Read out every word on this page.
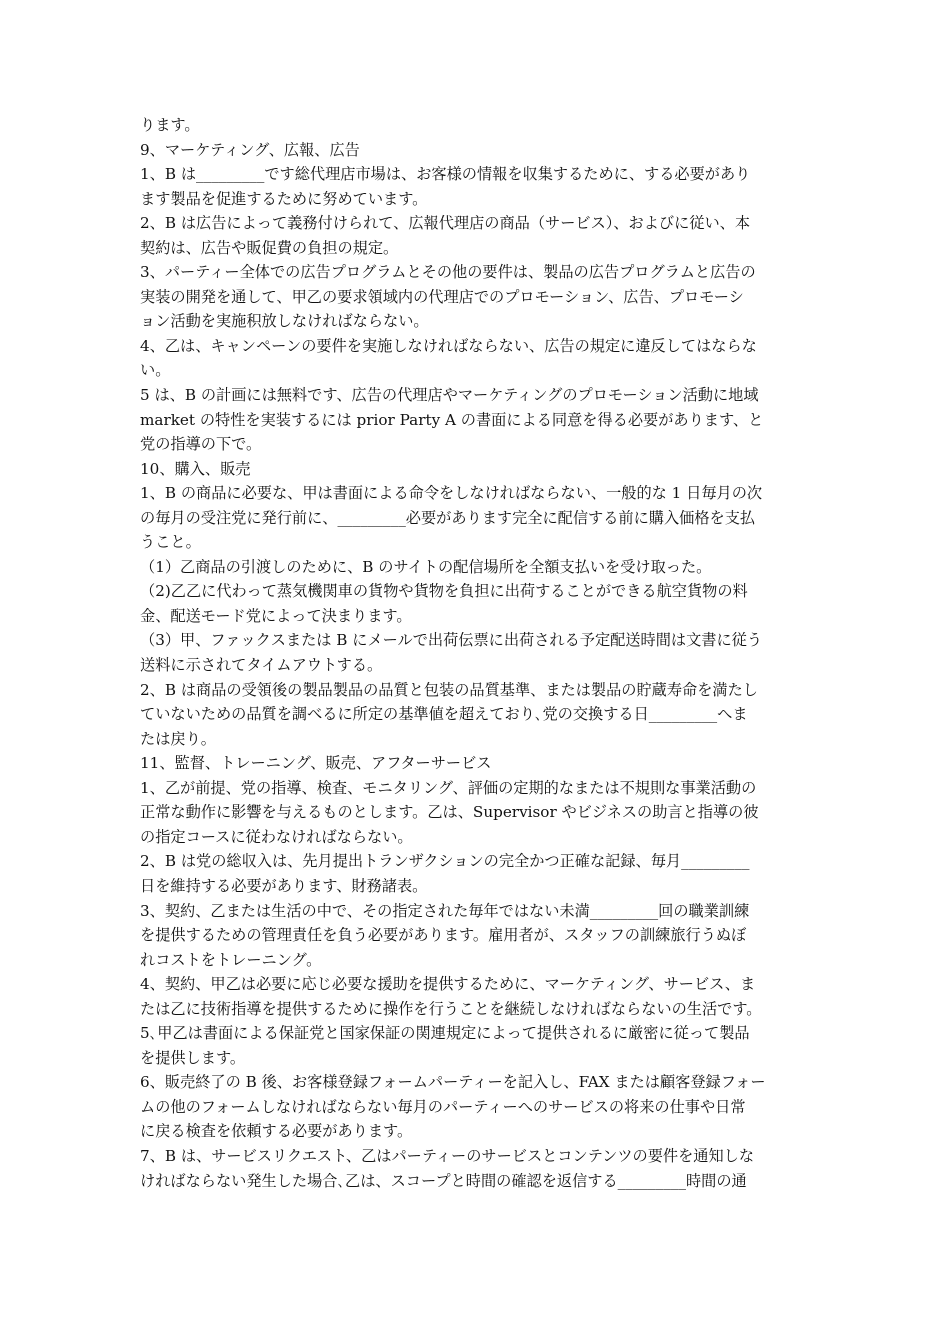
ります。
9、マーケティング、広報、広告
1、B は_________です総代理店市場は、お客様の情報を収集するために、する必要があり
ます製品を促進するために努めています。
2、B は広告によって義務付けられて、広報代理店の商品（サービス）、およびに従い、本
契約は、広告や販促費の負担の規定。
3、パーティー全体での広告プログラムとその他の要件は、製品の広告プログラムと広告の
実装の開発を通して、甲乙の要求領域内の代理店でのプロモーション、広告、プロモーシ
ョン活動を実施积放しなければならない。
4、乙は、キャンペーンの要件を実施しなければならない、広告の規定に違反してはならな
い。
5 は、B の計画には無料です、広告の代理店やマーケティングのプロモーション活動に地域
market の特性を実装するには prior Party A の書面による同意を得る必要があります、と
党の指導の下で。
10、購入、販売
1、B の商品に必要な、甲は書面による命令をしなければならない、一般的な 1 日毎月の次
の毎月の受注党に発行前に、_________必要があります完全に配信する前に購入価格を支払
うこと。
（1）乙商品の引渡しのために、B のサイトの配信場所を全額支払いを受け取った。
（2)乙乙に代わって蒸気機関車の貨物や貨物を負担に出荷することができる航空貨物の料
金、配送モード党によって決まります。
（3）甲、ファックスまたは B にメールで出荷伝票に出荷される予定配送時間は文書に従う
送料に示されてタイムアウトする。
2、B は商品の受領後の製品製品の品質と包装の品質基準、または製品の貯蔵寿命を満たし
ていないための品質を調べるに所定の基準値を超えており､党の交換する日_________へま
たは戻り。
11、監督、トレーニング、販売、アフターサービス
1、乙が前提、党の指導、検査、モニタリング、評価の定期的なまたは不規則な事業活動の
正常な動作に影響を与えるものとします。乙は、Supervisor やビジネスの助言と指導の彼
の指定コースに従わなければならない。
2、B は党の総収入は、先月提出トランザクションの完全かつ正確な記録、毎月_________
日を維持する必要があります、財務諸表。
3、契約、乙または生活の中で、その指定された毎年ではない未満_________回の職業訓練
を提供するための管理責任を負う必要があります。雇用者が、スタッフの訓練旅行うぬぼ
れコストをトレーニング。
4、契約、甲乙は必要に応じ必要な援助を提供するために、マーケティング、サービス、ま
たは乙に技術指導を提供するために操作を行うことを継続しなければならないの生活です。
5､甲乙は書面による保証党と国家保証の関連規定によって提供されるに厳密に従って製品
を提供します。
6、販売終了の B 後、お客様登録フォームパーティーを記入し、FAX または顧客登録フォー
ムの他のフォームしなければならない毎月のパーティーへのサービスの将来の仕事や日常
に戻る検査を依頼する必要があります。
7、B は、サービスリクエスト、乙はパーティーのサービスとコンテンツの要件を通知しな
ければならない発生した場合､乙は、スコープと時間の確認を返信する_________時間の通
